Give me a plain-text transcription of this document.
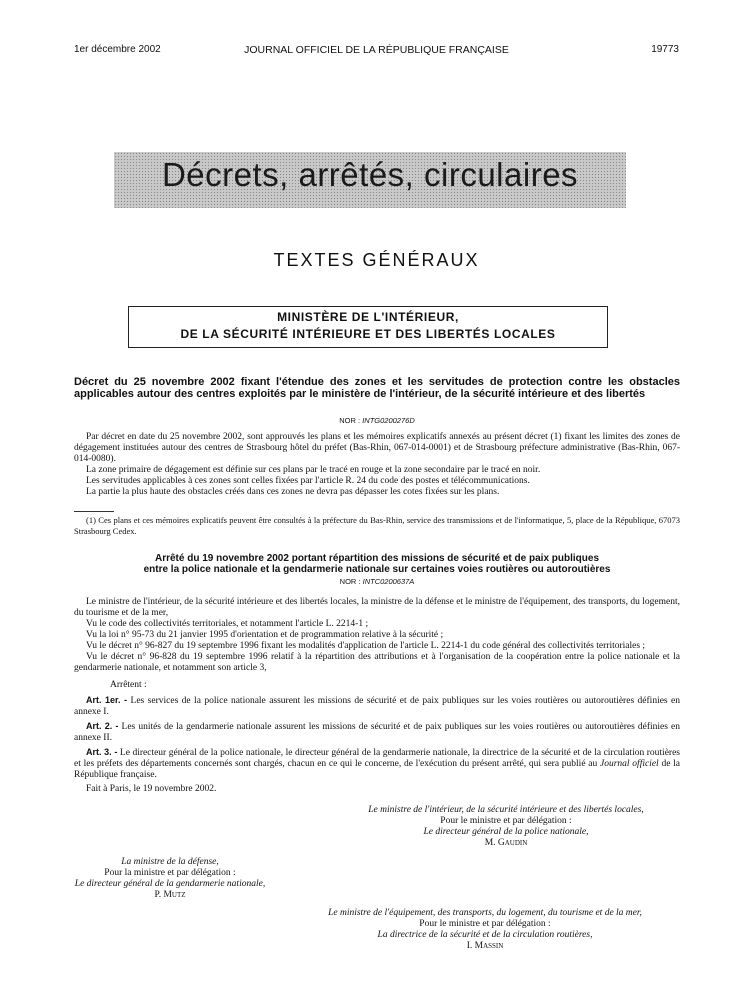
1er décembre 2002	JOURNAL OFFICIEL DE LA RÉPUBLIQUE FRANÇAISE	19773
Décrets, arrêtés, circulaires
TEXTES GÉNÉRAUX
MINISTÈRE DE L'INTÉRIEUR,
DE LA SÉCURITÉ INTÉRIEURE ET DES LIBERTÉS LOCALES
Décret du 25 novembre 2002 fixant l'étendue des zones et les servitudes de protection contre les obstacles applicables autour des centres exploités par le ministère de l'intérieur, de la sécurité intérieure et des libertés
NOR : INTG0200276D
Par décret en date du 25 novembre 2002, sont approuvés les plans et les mémoires explicatifs annexés au présent décret (1) fixant les limites des zones de dégagement instituées autour des centres de Strasbourg hôtel du préfet (Bas-Rhin, 067-014-0001) et de Strasbourg préfecture administrative (Bas-Rhin, 067-014-0080).
La zone primaire de dégagement est définie sur ces plans par le tracé en rouge et la zone secondaire par le tracé en noir.
Les servitudes applicables à ces zones sont celles fixées par l'article R. 24 du code des postes et télécommunications.
La partie la plus haute des obstacles créés dans ces zones ne devra pas dépasser les cotes fixées sur les plans.
(1) Ces plans et ces mémoires explicatifs peuvent être consultés à la préfecture du Bas-Rhin, service des transmissions et de l'informatique, 5, place de la République, 67073 Strasbourg Cedex.
Arrêté du 19 novembre 2002 portant répartition des missions de sécurité et de paix publiques
entre la police nationale et la gendarmerie nationale sur certaines voies routières ou autoroutières
NOR : INTC0200637A
Le ministre de l'intérieur, de la sécurité intérieure et des libertés locales, la ministre de la défense et le ministre de l'équipement, des transports, du logement, du tourisme et de la mer,
Vu le code des collectivités territoriales, et notamment l'article L. 2214-1 ;
Vu la loi n° 95-73 du 21 janvier 1995 d'orientation et de programmation relative à la sécurité ;
Vu le décret n° 96-827 du 19 septembre 1996 fixant les modalités d'application de l'article L. 2214-1 du code général des collectivités territoriales ;
Vu le décret n° 96-828 du 19 septembre 1996 relatif à la répartition des attributions et à l'organisation de la coopération entre la police nationale et la gendarmerie nationale, et notamment son article 3,
Arrêtent :
Art. 1er. - Les services de la police nationale assurent les missions de sécurité et de paix publiques sur les voies routières ou autoroutières définies en annexe I.
Art. 2. - Les unités de la gendarmerie nationale assurent les missions de sécurité et de paix publiques sur les voies routières ou autoroutières définies en annexe II.
Art. 3. - Le directeur général de la police nationale, le directeur général de la gendarmerie nationale, la directrice de la sécurité et de la circulation routières et les préfets des départements concernés sont chargés, chacun en ce qui le concerne, de l'exécution du présent arrêté, qui sera publié au Journal officiel de la République française.
Fait à Paris, le 19 novembre 2002.
Le ministre de l'intérieur, de la sécurité intérieure et des libertés locales,
Pour le ministre et par délégation :
Le directeur général de la police nationale,
M. Gaudin
La ministre de la défense,
Pour la ministre et par délégation :
Le directeur général de la gendarmerie nationale,
P. Mutz
Le ministre de l'équipement, des transports, du logement, du tourisme et de la mer,
Pour le ministre et par délégation :
La directrice de la sécurité et de la circulation routières,
I. Massin
